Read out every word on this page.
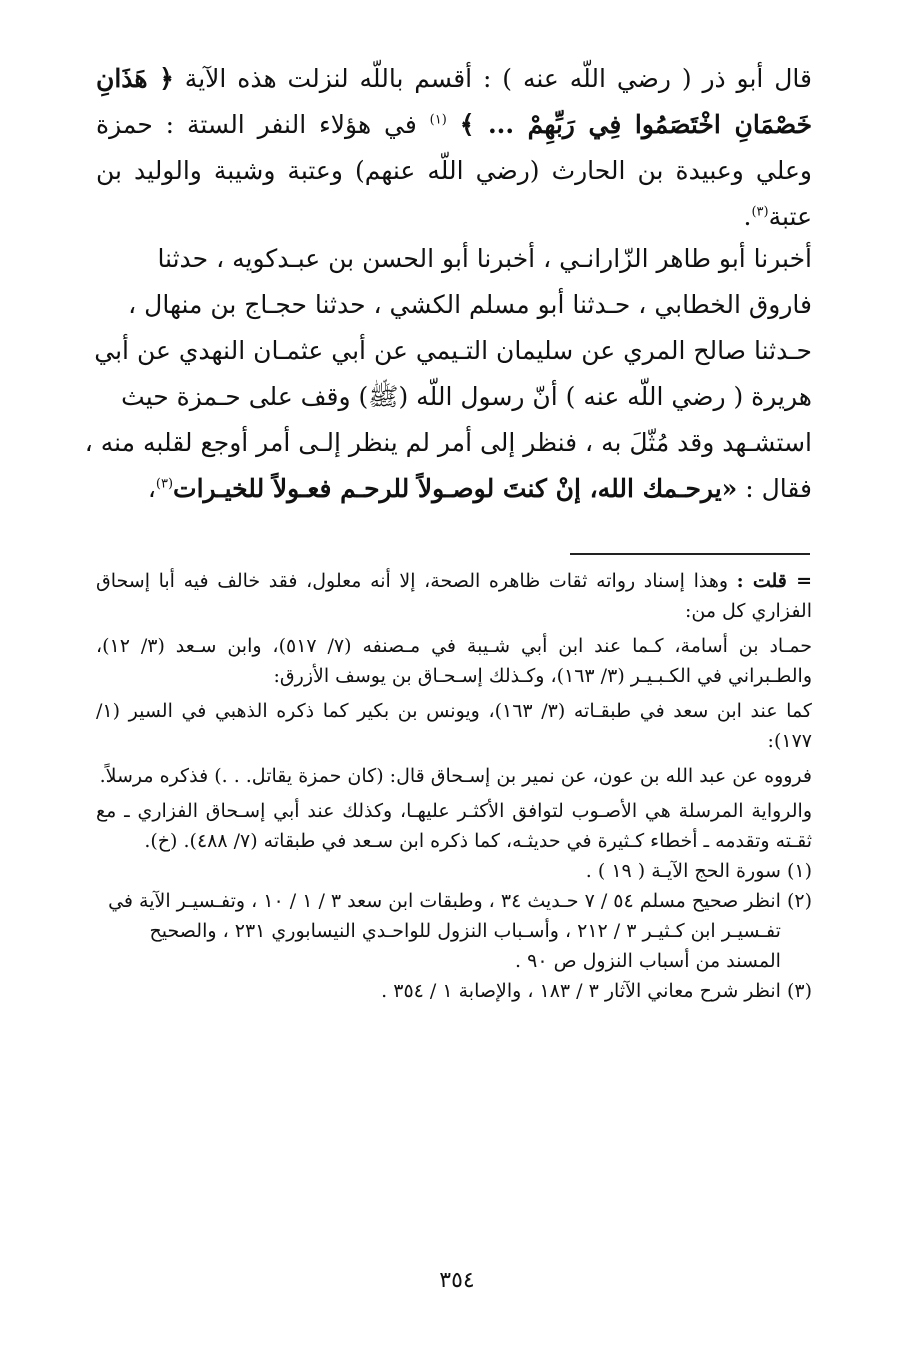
قال أبو ذر ( رضي اللّه عنه ) : أقسم باللّه لنزلت هذه الآية ﴿ هَذَانِ خَصْمَانِ اخْتَصَمُوا فِي رَبِّهِمْ ... ﴾ $^{(١)}$ في هؤلاء النفر الستة : حمزة وعلي وعبيدة بن الحارث (رضي اللّه عنهم) وعتبة وشيبة والوليد بن عتبة$^{(٣)}$.
أخبرنا أبو طاهر الزّارانـي ، أخبرنا أبو الحسن بن عبـدكويه ، حدثنا
فاروق الخطابي ، حـدثنا أبو مسلم الكشي ، حدثنا حجـاج بن منهال ،
حـدثنا صالح المري عن سليمان التـيمي عن أبي عثمـان النهدي عن أبي
هريرة ( رضي اللّه عنه ) أنّ رسول اللّه (ﷺ) وقف على حـمزة حيث
استشـهد وقد مُثّلَ به ، فنظر إلى أمر لم ينظر إلـى أمر أوجع لقلبه منه ،
فقال : «يرحـمك الله، إنْ كنتَ لوصـولاً للرحـم فعـولاً للخيـرات$^{(٣)}$،

= قلت : وهذا إسناد رواته ثقات ظاهره الصحة، إلا أنه معلول، فقد خالف فيه أبا إسحاق الفزاري كل من:

حمـاد بن أسامة، كـما عند ابن أبي شـيبة في مـصنفه (٧/ ٥١٧)، وابن سـعد (٣/ ١٢)، والطـبراني في الكـبـيـر (٣/ ١٦٣)، وكـذلك إسـحـاق بن يوسف الأزرق:

كما عند ابن سعد في طبقـاته (٣/ ١٦٣)، ويونس بن بكير كما ذكره الذهبي في السير (١/ ١٧٧):

فرووه عن عبد الله بن عون، عن نمير بن إسـحاق قال: (كان حمزة يقاتل. . .) فذكره مرسلاً.

والرواية المرسلة هي الأصـوب لتوافق الأكثـر عليهـا، وكذلك عند أبي إسـحاق الفزاري ـ مع ثقـته وتقدمه ـ أخطاء كـثيرة في حديثـه، كما ذكره ابن سـعد في طبقاته (٧/ ٤٨٨). (خ).

(١)
سورة الحج الآيـة ( ١٩ ) .
(٢)
انظر صحيح مسلم ٥٤ / ٧ حـديث ٣٤ ، وطبقات ابن سعد ٣ / ١ / ١٠ ، وتفـسيـر الآية في تفـسيـر ابن كـثيـر ٣ / ٢١٢ ، وأسـباب النزول للواحـدي النيسابوري ٢٣١ ، والصحيح المسند من أسباب النزول ص ٩٠ .
(٣)
انظر شرح معاني الآثار ٣ / ١٨٣ ، والإصابة ١ / ٣٥٤ .
٣٥٤
